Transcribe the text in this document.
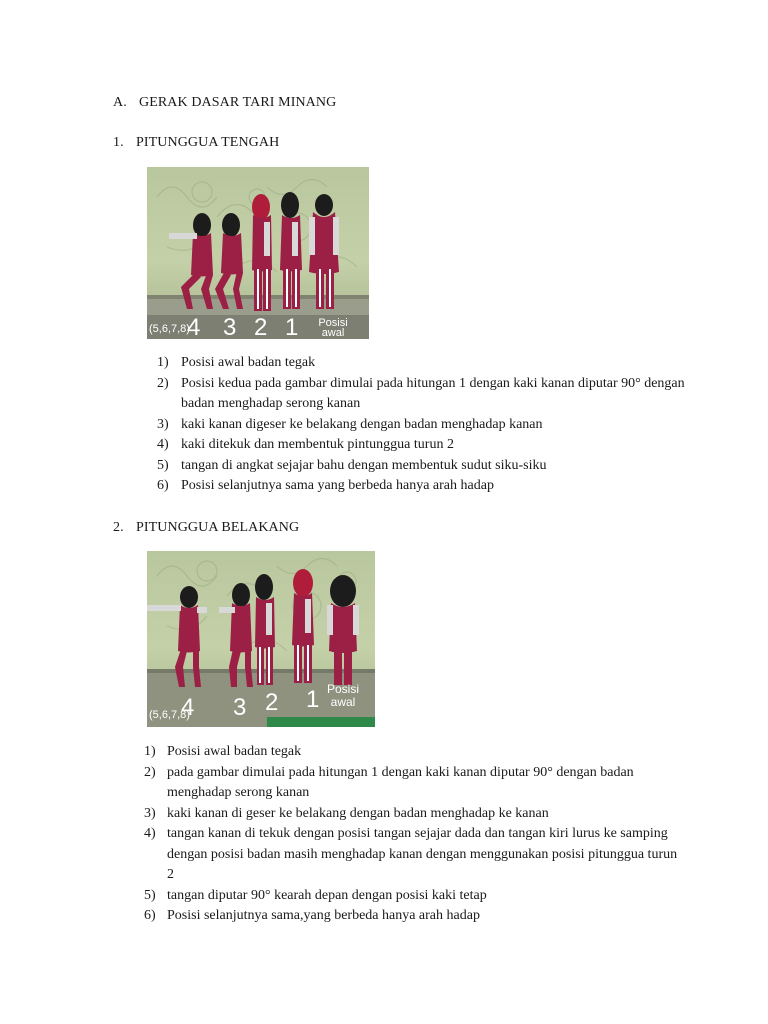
A. GERAK DASAR TARI MINANG
1. PITUNGGUA TENGAH
(5,6,7,8)
4 3 2 1	Posisi
awal
1) Posisi awal badan tegak
2) Posisi kedua pada gambar dimulai pada hitungan 1 dengan kaki kanan diputar 90° dengan badan menghadap serong kanan
3) kaki kanan digeser ke belakang dengan badan menghadap kanan
4) kaki ditekuk dan membentuk pintunggua turun 2
5) tangan di angkat sejajar bahu dengan membentuk sudut siku-siku
6) Posisi selanjutnya sama yang berbeda hanya arah hadap
2. PITUNGGUA BELAKANG
(5,6,7,8)
4 3 2 1 Posisi
awal
1) Posisi awal badan tegak
2) pada gambar dimulai pada hitungan 1 dengan kaki kanan diputar 90° dengan badan menghadap serong kanan
3) kaki kanan di geser ke belakang dengan badan menghadap ke kanan
4) tangan kanan di tekuk dengan posisi tangan sejajar dada dan tangan kiri lurus ke samping dengan posisi badan masih menghadap kanan dengan menggunakan posisi pitunggua turun 2
5) tangan diputar 90° kearah depan dengan posisi kaki tetap
6) Posisi selanjutnya sama,yang berbeda hanya arah hadap
